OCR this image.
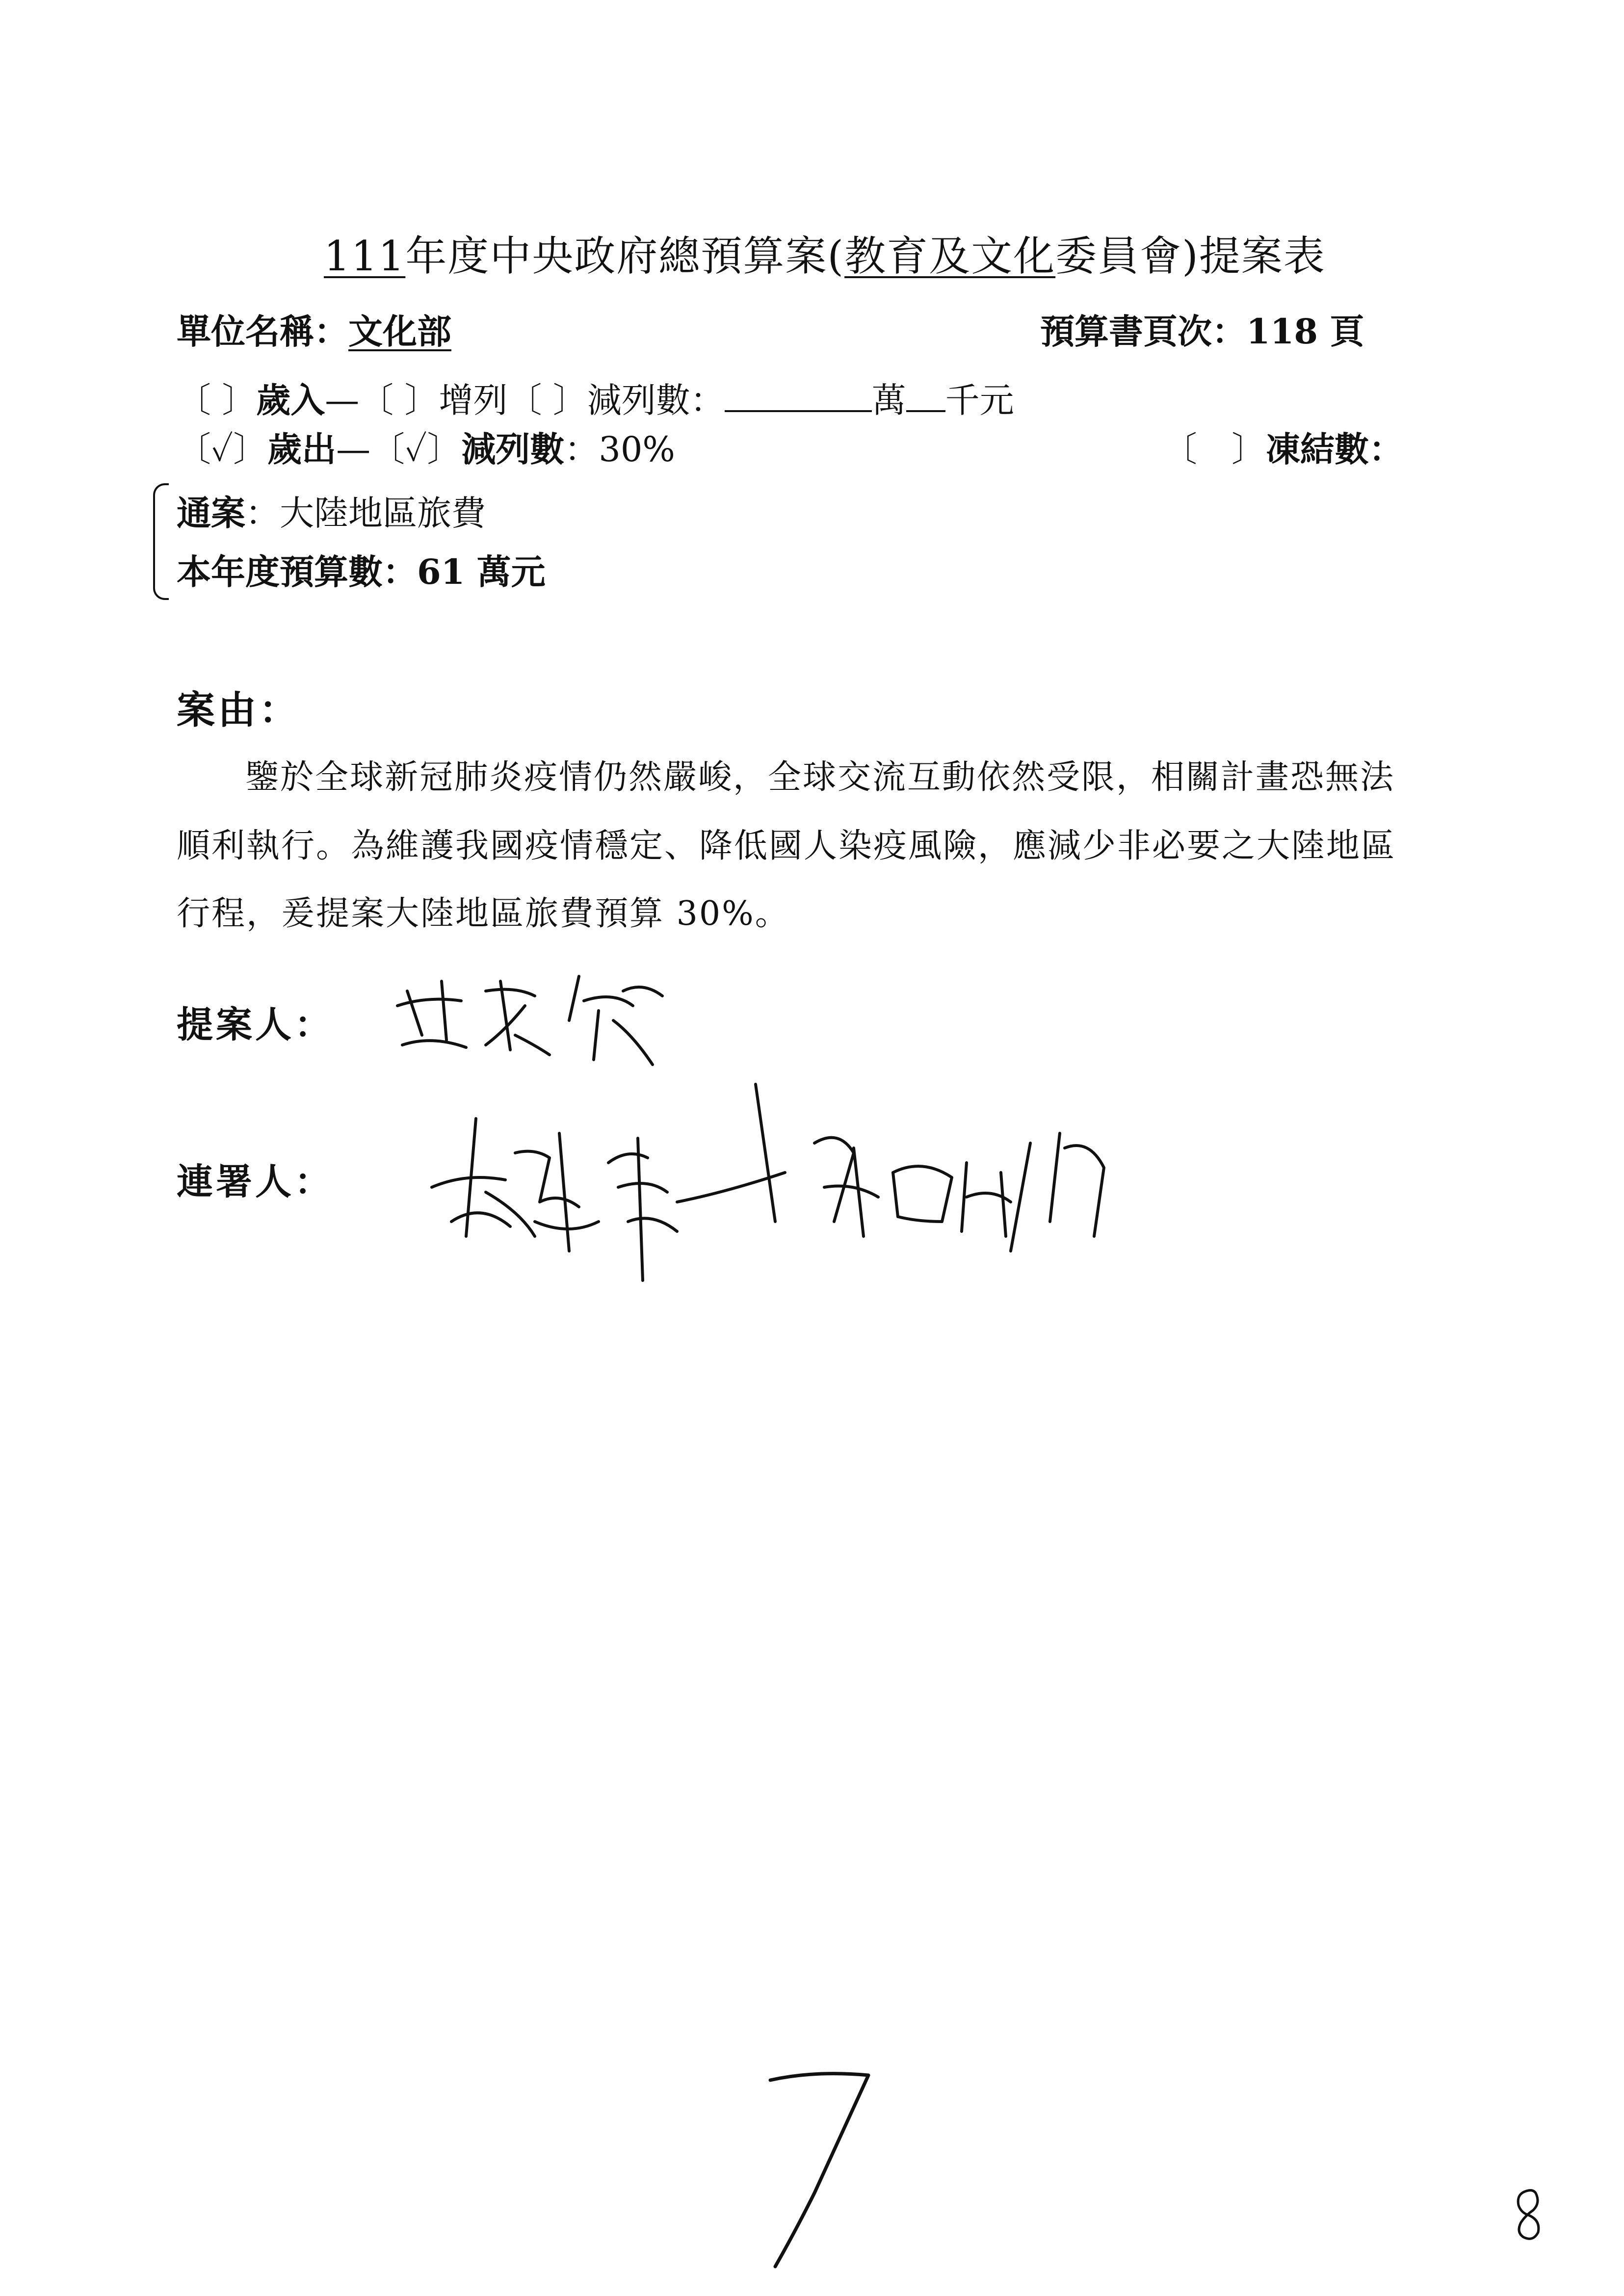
111年度中央政府總預算案(教育及文化委員會)提案表
單位名稱：文化部	預算書頁次：118 頁
〔 〕歲入—〔 〕增列〔 〕減列數：	萬 千元
〔✓〕歲出—〔✓〕減列數：30%	〔　〕凍結數：
通案：大陸地區旅費
本年度預算數：61 萬元
案由：
鑒於全球新冠肺炎疫情仍然嚴峻，全球交流互動依然受限，相關計畫恐無法
順利執行。為維護我國疫情穩定、降低國人染疫風險，應減少非必要之大陸地區
行程，爰提案大陸地區旅費預算 30%。
提案人：
連署人：
